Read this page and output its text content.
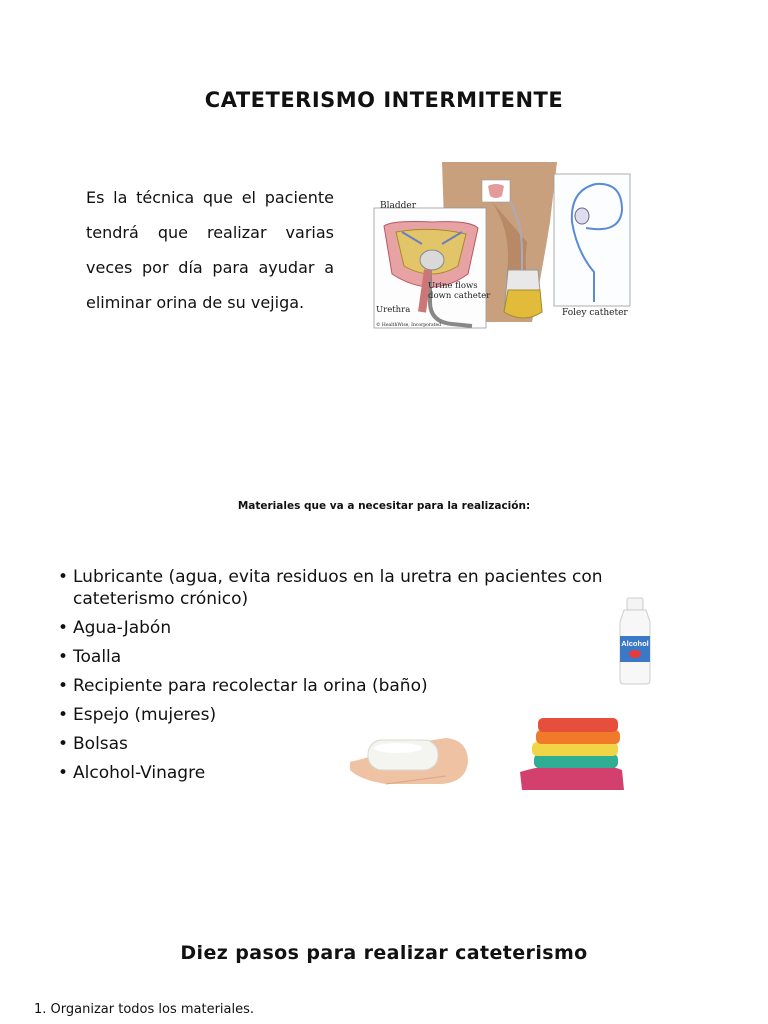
CATETERISMO INTERMITENTE
Es la técnica que el paciente tendrá que realizar varias veces por día para ayudar a eliminar orina de su vejiga.
Bladder
Urine flows
down catheter
Urethra
© HealthWise, Incorporated
Foley catheter
Materiales que va a necesitar para la realización:
• Lubricante (agua, evita residuos en la uretra en pacientes con cateterismo crónico)
• Agua-Jabón
• Toalla
• Recipiente para recolectar la orina (baño)
• Espejo (mujeres)
• Bolsas
• Alcohol-Vinagre
Alcohol
Diez pasos para realizar cateterismo
1. Organizar todos los materiales.
